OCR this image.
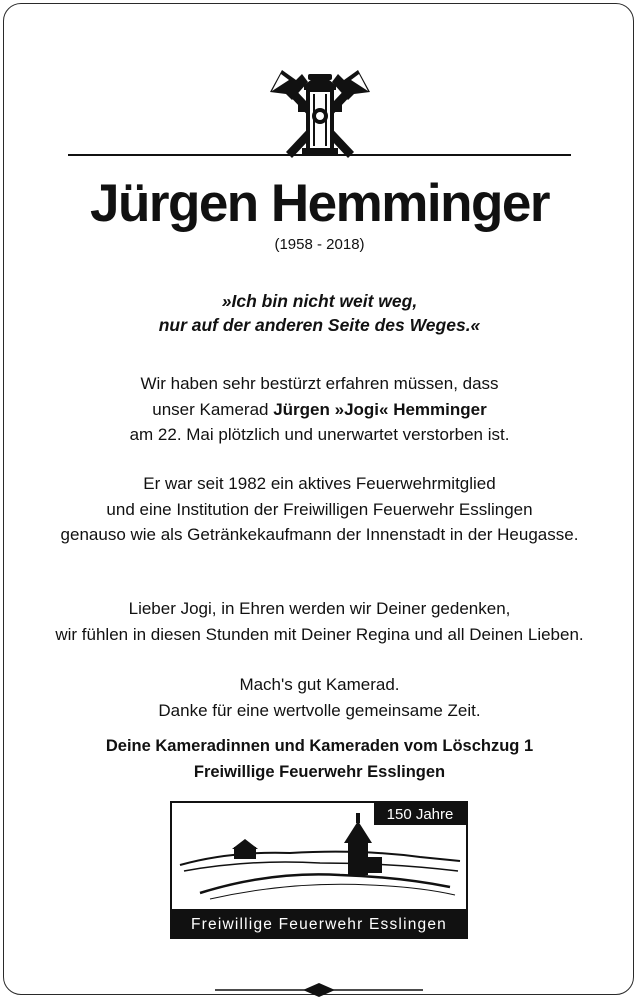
Jürgen Hemminger
(1958 - 2018)
»Ich bin nicht weit weg,
nur auf der anderen Seite des Weges.«
Wir haben sehr bestürzt erfahren müssen, dass
unser Kamerad Jürgen »Jogi« Hemminger
am 22. Mai plötzlich und unerwartet verstorben ist.
Er war seit 1982 ein aktives Feuerwehrmitglied
und eine Institution der Freiwilligen Feuerwehr Esslingen
genauso wie als Getränkekaufmann der Innenstadt in der Heugasse.
Lieber Jogi, in Ehren werden wir Deiner gedenken,
wir fühlen in diesen Stunden mit Deiner Regina und all Deinen Lieben.
Mach's gut Kamerad.
Danke für eine wertvolle gemeinsame Zeit.
Deine Kameradinnen und Kameraden vom Löschzug 1
Freiwillige Feuerwehr Esslingen
150 Jahre
Freiwillige Feuerwehr Esslingen
